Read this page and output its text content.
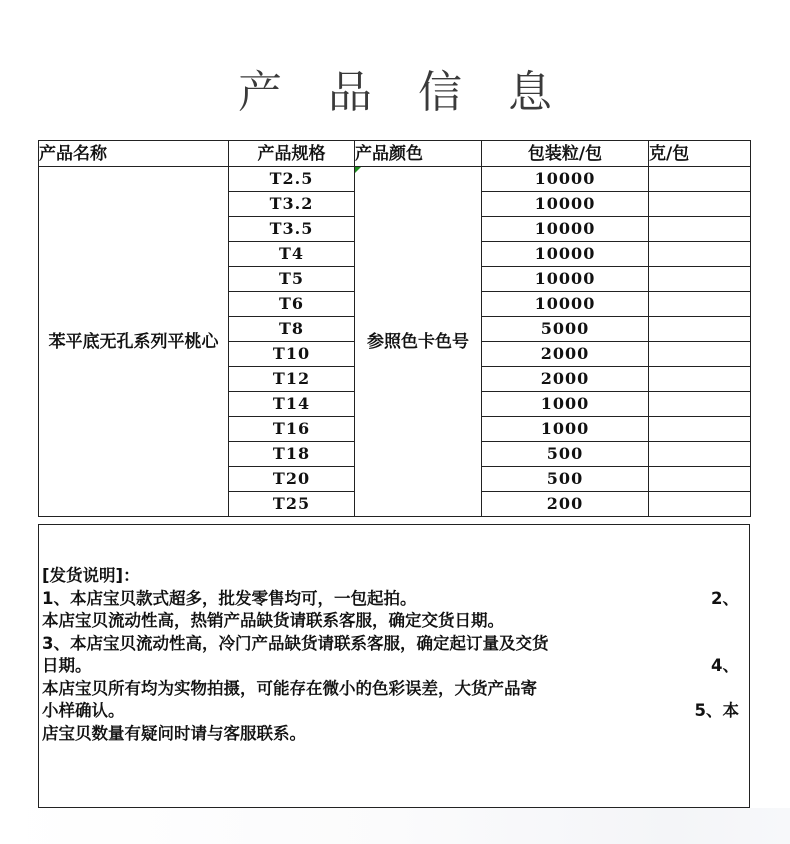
产 品 信 息
产品名称	产品规格	产品颜色	包装粒/包	克/包
苯平底无孔系列平桃心	T2.5	参照色卡色号	10000	
	T3.2		10000	
	T3.5		10000	
	T4		10000	
	T5		10000	
	T6		10000	
	T8		5000	
	T10		2000	
	T12		2000	
	T14		1000	
	T16		1000	
	T18		500	
	T20		500	
	T25		200	
[发货说明]：
1、本店宝贝款式超多，批发零售均可，一包起拍。	2、
本店宝贝流动性高，热销产品缺货请联系客服，确定交货日期。
3、本店宝贝流动性高，冷门产品缺货请联系客服，确定起订量及交货
日期。	4、
本店宝贝所有均为实物拍摄，可能存在微小的色彩误差，大货产品寄
小样确认。	5、本
店宝贝数量有疑问时请与客服联系。
